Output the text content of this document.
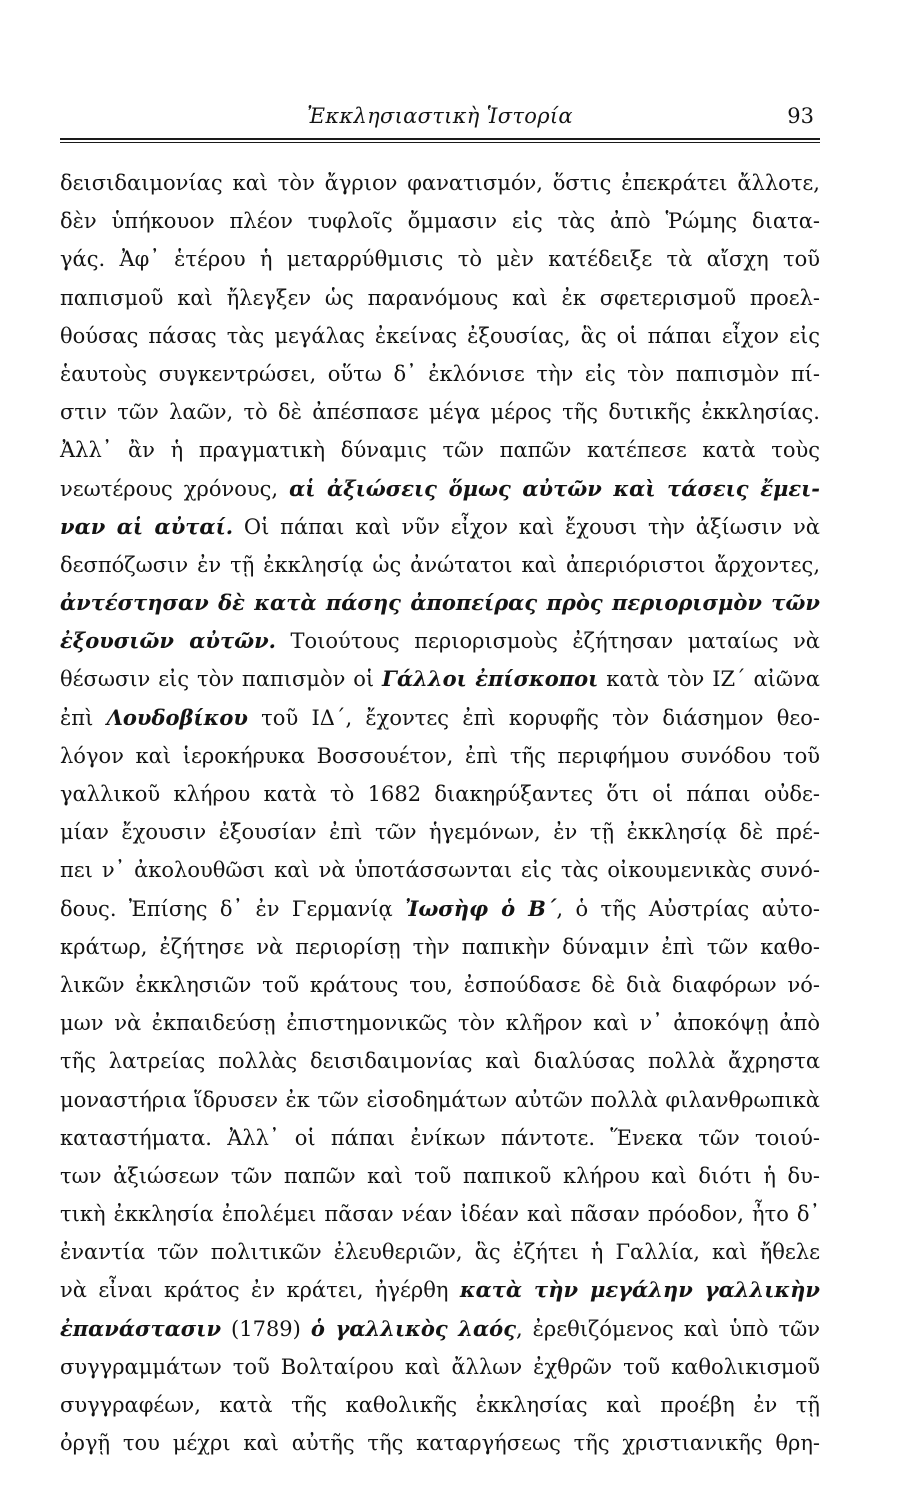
Ἐκκλησιαστικὴ Ἱστορία	93
δεισιδαιμονίας καὶ τὸν ἄγριον φανατισμόν, ὅστις ἐπεκράτει ἄλλοτε,
δὲν ὑπήκουον πλέον τυφλοῖς ὄμμασιν εἰς τὰς ἀπὸ Ῥώμης διατα-
γάς. Ἀφ᾽ ἑτέρου ἡ μεταρρύθμισις τὸ μὲν κατέδειξε τὰ αἴσχη τοῦ
παπισμοῦ καὶ ἤλεγξεν ὡς παρανόμους καὶ ἐκ σφετερισμοῦ προελ-
θούσας πάσας τὰς μεγάλας ἐκείνας ἐξουσίας, ἃς οἱ πάπαι εἶχον εἰς
ἑαυτοὺς συγκεντρώσει, οὕτω δ᾽ ἐκλόνισε τὴν εἰς τὸν παπισμὸν πί-
στιν τῶν λαῶν, τὸ δὲ ἀπέσπασε μέγα μέρος τῆς δυτικῆς ἐκκλησίας.
Ἀλλ᾽ ἂν ἡ πραγματικὴ δύναμις τῶν παπῶν κατέπεσε κατὰ τοὺς
νεωτέρους χρόνους, αἱ ἀξιώσεις ὅμως αὐτῶν καὶ τάσεις ἔμει-
ναν αἱ αὐταί. Οἱ πάπαι καὶ νῦν εἶχον καὶ ἔχουσι τὴν ἀξίωσιν νὰ
δεσπόζωσιν ἐν τῇ ἐκκλησίᾳ ὡς ἀνώτατοι καὶ ἀπεριόριστοι ἄρχοντες,
ἀντέστησαν δὲ κατὰ πάσης ἀποπείρας πρὸς περιορισμὸν τῶν
ἐξουσιῶν αὐτῶν. Τοιούτους περιορισμοὺς ἐζήτησαν ματαίως νὰ
θέσωσιν εἰς τὸν παπισμὸν οἱ Γάλλοι ἐπίσκοποι κατὰ τὸν ΙΖ´ αἰῶνα
ἐπὶ Λουδοβίκου τοῦ ΙΔ´, ἔχοντες ἐπὶ κορυφῆς τὸν διάσημον θεο-
λόγον καὶ ἱεροκήρυκα Βοσσουέτον, ἐπὶ τῆς περιφήμου συνόδου τοῦ
γαλλικοῦ κλήρου κατὰ τὸ 1682 διακηρύξαντες ὅτι οἱ πάπαι οὐδε-
μίαν ἔχουσιν ἐξουσίαν ἐπὶ τῶν ἡγεμόνων, ἐν τῇ ἐκκλησίᾳ δὲ πρέ-
πει ν᾽ ἀκολουθῶσι καὶ νὰ ὑποτάσσωνται εἰς τὰς οἰκουμενικὰς συνό-
δους. Ἐπίσης δ᾽ ἐν Γερμανίᾳ Ἰωσὴφ ὁ Β´, ὁ τῆς Αὐστρίας αὐτο-
κράτωρ, ἐζήτησε νὰ περιορίσῃ τὴν παπικὴν δύναμιν ἐπὶ τῶν καθο-
λικῶν ἐκκλησιῶν τοῦ κράτους του, ἐσπούδασε δὲ διὰ διαφόρων νό-
μων νὰ ἐκπαιδεύσῃ ἐπιστημονικῶς τὸν κλῆρον καὶ ν᾽ ἀποκόψῃ ἀπὸ
τῆς λατρείας πολλὰς δεισιδαιμονίας καὶ διαλύσας πολλὰ ἄχρηστα
μοναστήρια ἵδρυσεν ἐκ τῶν εἰσοδημάτων αὐτῶν πολλὰ φιλανθρωπικὰ
καταστήματα. Ἀλλ᾽ οἱ πάπαι ἐνίκων πάντοτε. Ἕνεκα τῶν τοιού-
των ἀξιώσεων τῶν παπῶν καὶ τοῦ παπικοῦ κλήρου καὶ διότι ἡ δυ-
τικὴ ἐκκλησία ἐπολέμει πᾶσαν νέαν ἰδέαν καὶ πᾶσαν πρόοδον, ἦτο δ᾽
ἐναντία τῶν πολιτικῶν ἐλευθεριῶν, ἃς ἐζήτει ἡ Γαλλία, καὶ ἤθελε
νὰ εἶναι κράτος ἐν κράτει, ἠγέρθη κατὰ τὴν μεγάλην γαλλικὴν
ἐπανάστασιν (1789) ὁ γαλλικὸς λαός, ἐρεθιζόμενος καὶ ὑπὸ τῶν
συγγραμμάτων τοῦ Βολταίρου καὶ ἄλλων ἐχθρῶν τοῦ καθολικισμοῦ
συγγραφέων, κατὰ τῆς καθολικῆς ἐκκλησίας καὶ προέβη ἐν τῇ
ὀργῇ του μέχρι καὶ αὐτῆς τῆς καταργήσεως τῆς χριστιανικῆς θρη-
